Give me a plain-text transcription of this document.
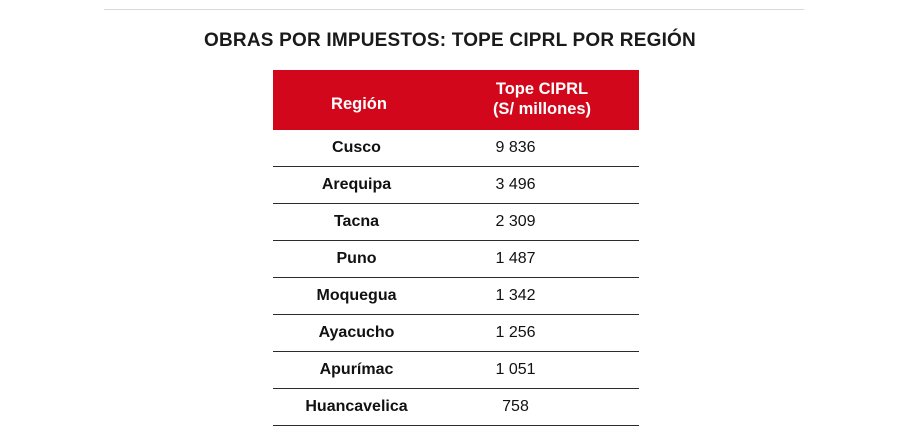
OBRAS POR IMPUESTOS: TOPE CIPRL POR REGIÓN
Región	Tope CIPRL
(S/ millones)

Cusco	9 836
Arequipa	3 496
Tacna	2 309
Puno	1 487
Moquegua	1 342
Ayacucho	1 256
Apurímac	1 051
Huancavelica	758
